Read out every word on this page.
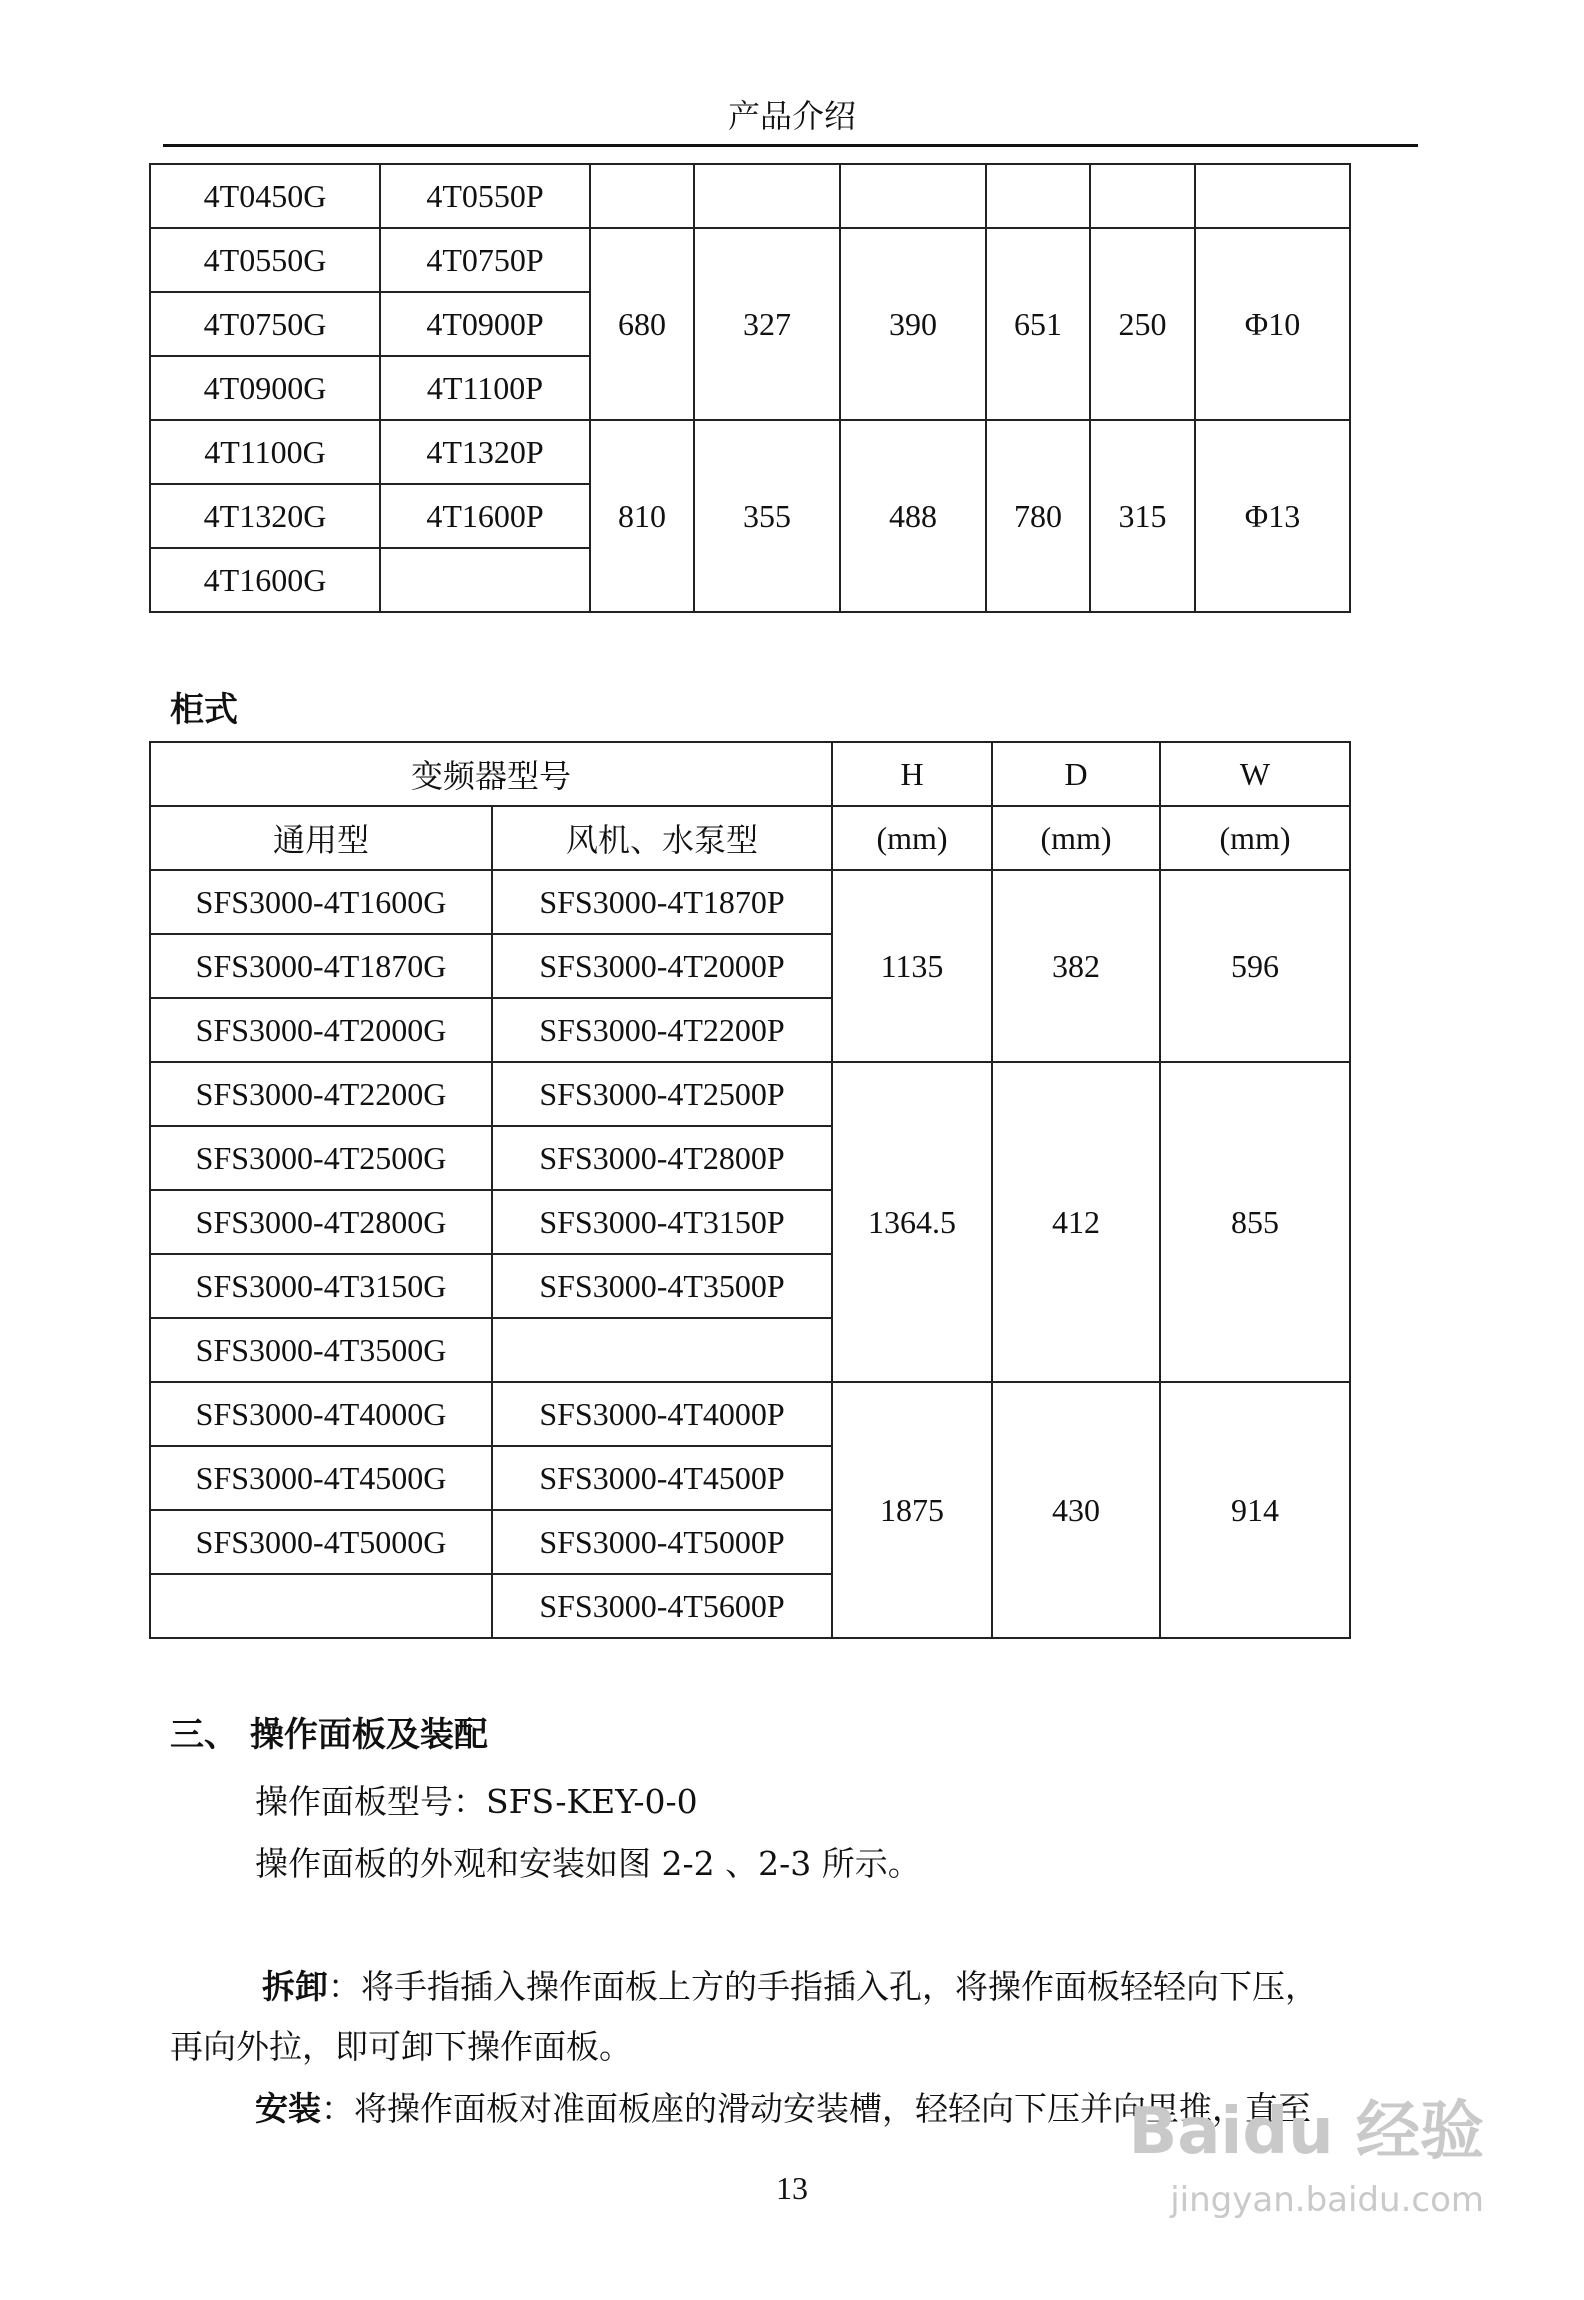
产品介绍
4T0450G	4T0550P						
4T0550G	4T0750P	680	327	390	651	250	Φ10
4T0750G	4T0900P						
4T0900G	4T1100P						
4T1100G	4T1320P	810	355	488	780	315	Φ13
4T1320G	4T1600P						
4T1600G							
柜式
变频器型号		H	D	W
通用型	风机、水泵型	(mm)	(mm)	(mm)
SFS3000-4T1600G	SFS3000-4T1870P	1135	382	596
SFS3000-4T1870G	SFS3000-4T2000P			
SFS3000-4T2000G	SFS3000-4T2200P			
SFS3000-4T2200G	SFS3000-4T2500P	1364.5	412	855
SFS3000-4T2500G	SFS3000-4T2800P			
SFS3000-4T2800G	SFS3000-4T3150P			
SFS3000-4T3150G	SFS3000-4T3500P			
SFS3000-4T3500G				
SFS3000-4T4000G	SFS3000-4T4000P	1875	430	914
SFS3000-4T4500G	SFS3000-4T4500P			
SFS3000-4T5000G	SFS3000-4T5000P			
	SFS3000-4T5600P			
三、 操作面板及装配
操作面板型号：SFS-KEY-0-0
操作面板的外观和安装如图 2-2 、2-3 所示。
拆卸：将手指插入操作面板上方的手指插入孔，将操作面板轻轻向下压，
再向外拉，即可卸下操作面板。
安装：将操作面板对准面板座的滑动安装槽，轻轻向下压并向里推，直至
13
Baidu 经验
jingyan.baidu.com
